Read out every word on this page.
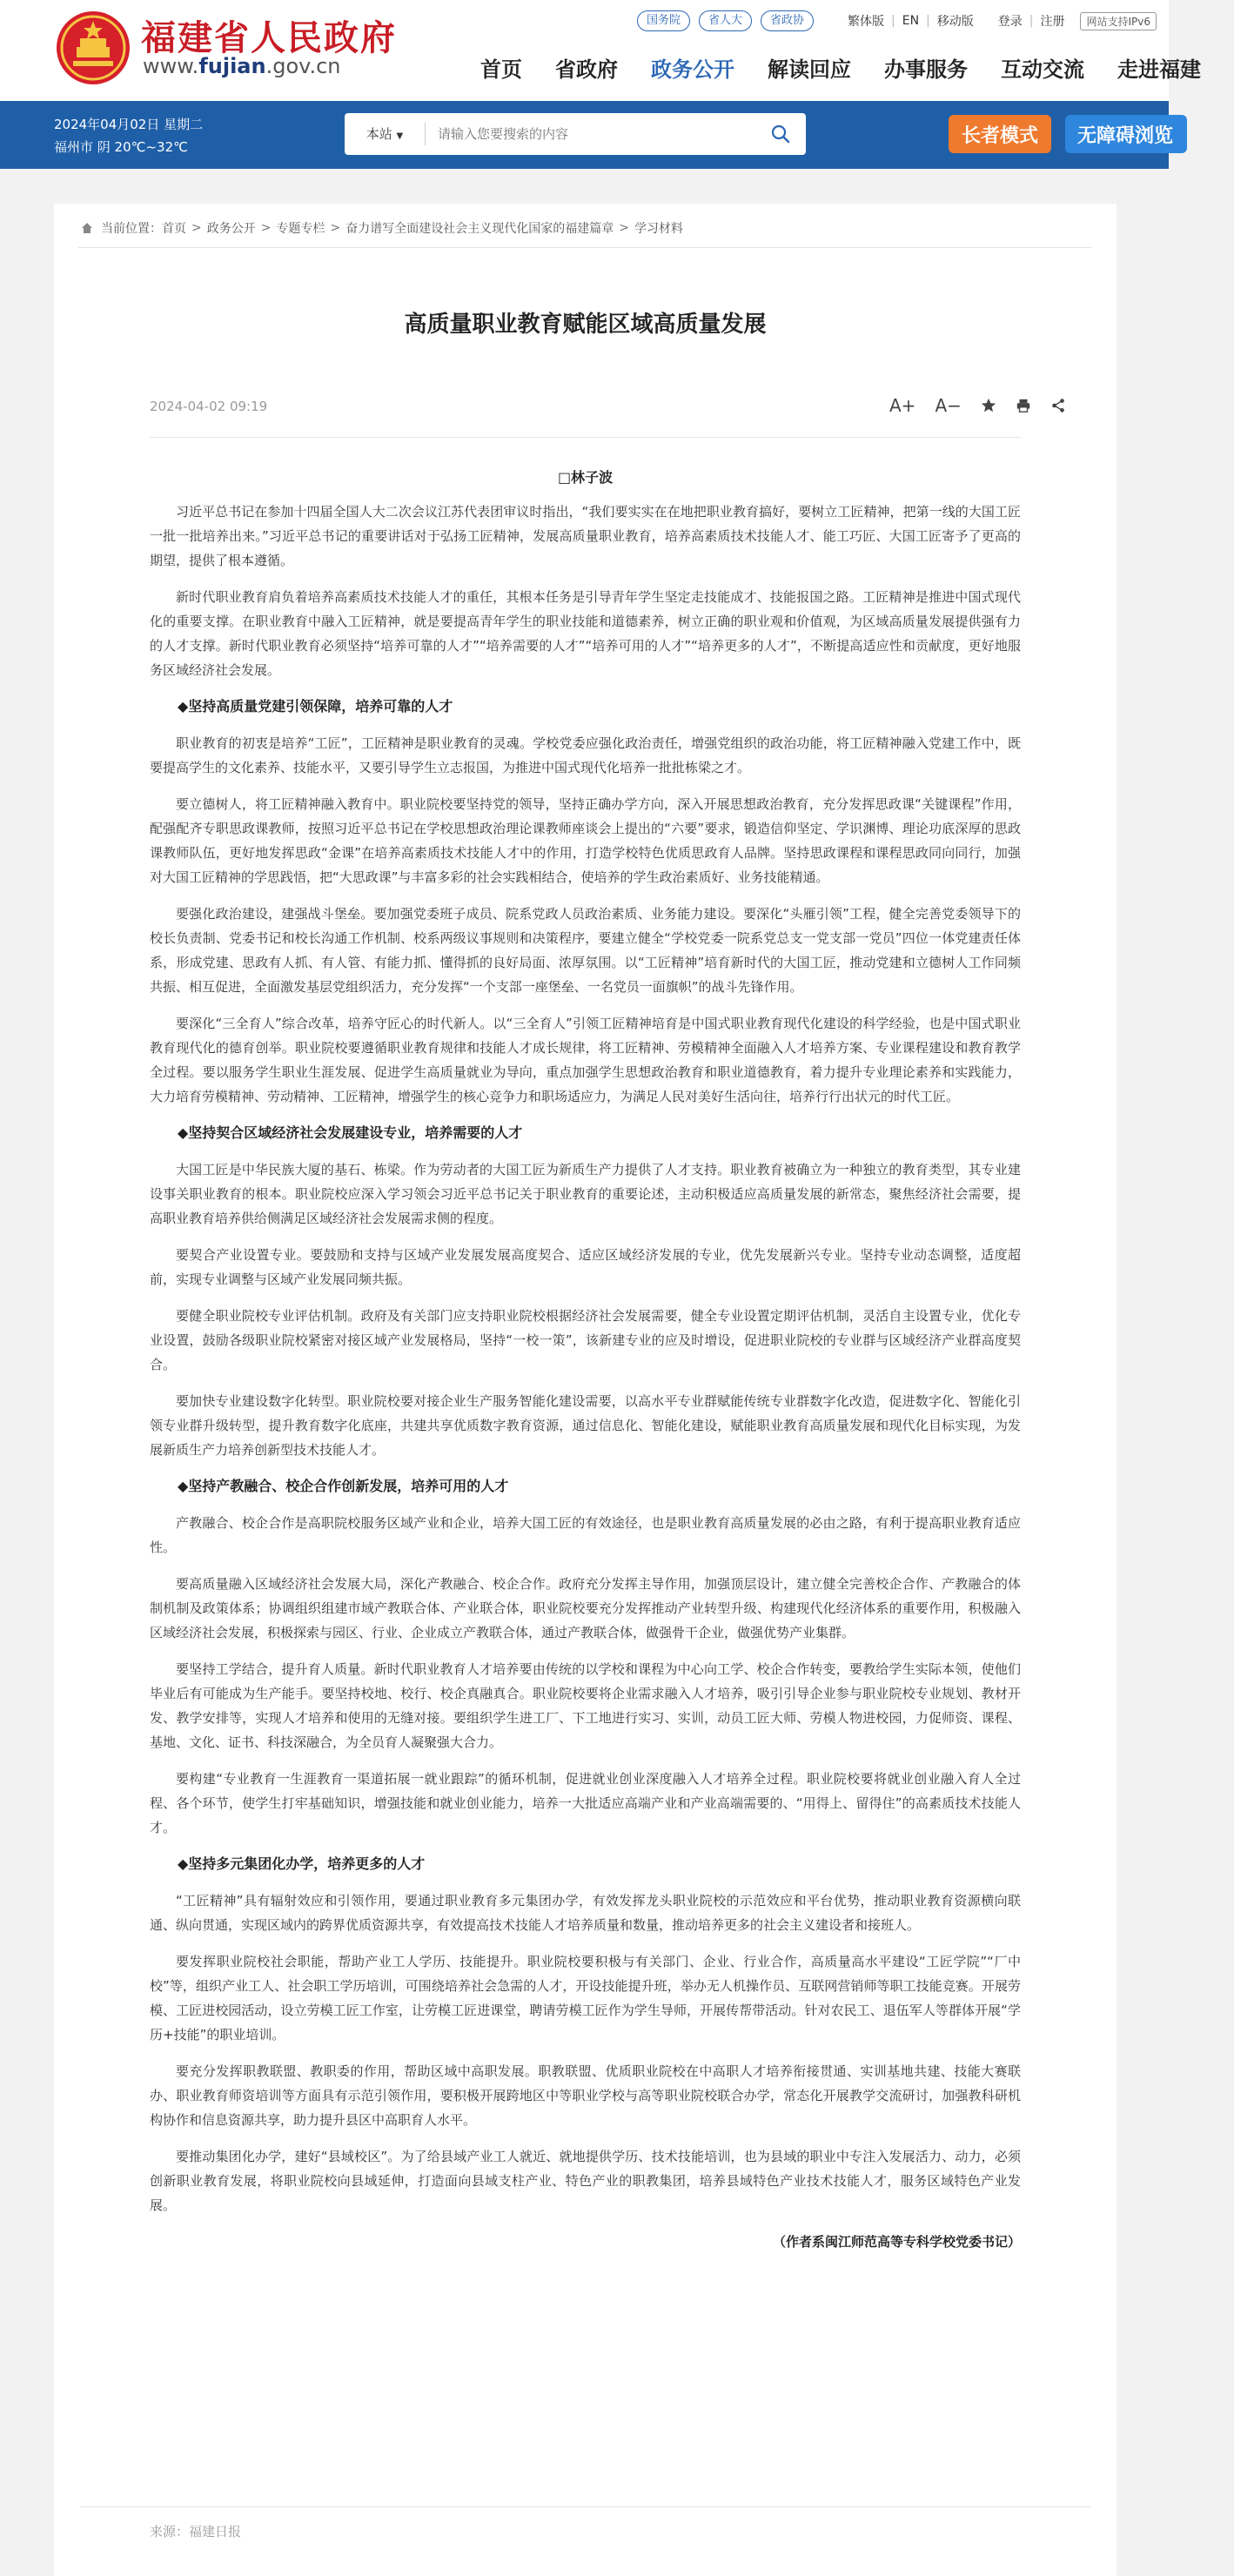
福建省人民政府
www.fujian.gov.cn
国务院	省人大	省政协	繁体版 | EN | 移动版 登录 | 注册	网站支持IPv6
首页 省政府 政务公开 解读回应 办事服务 互动交流 走进福建
2024年04月02日 星期二
福州市 阴 20℃~32℃
本站 ▼
请输入您要搜索的内容	长者模式	无障碍浏览
当前位置： 首页 > 政务公开 > 专题专栏 > 奋力谱写全面建设社会主义现代化国家的福建篇章 > 学习材料
高质量职业教育赋能区域高质量发展
2024-04-02 09:19	A+ A−
□林子波

习近平总书记在参加十四届全国人大二次会议江苏代表团审议时指出，“我们要实实在在地把职业教育搞好，要树立工匠精神，把第一线的大国工匠一批一批培养出来。”习近平总书记的重要讲话对于弘扬工匠精神，发展高质量职业教育，培养高素质技术技能人才、能工巧匠、大国工匠寄予了更高的期望，提供了根本遵循。

新时代职业教育肩负着培养高素质技术技能人才的重任，其根本任务是引导青年学生坚定走技能成才、技能报国之路。工匠精神是推进中国式现代化的重要支撑。在职业教育中融入工匠精神，就是要提高青年学生的职业技能和道德素养，树立正确的职业观和价值观，为区域高质量发展提供强有力的人才支撑。新时代职业教育必须坚持“培养可靠的人才”“培养需要的人才”“培养可用的人才”“培养更多的人才”，不断提高适应性和贡献度，更好地服务区域经济社会发展。

◆坚持高质量党建引领保障，培养可靠的人才

职业教育的初衷是培养“工匠”，工匠精神是职业教育的灵魂。学校党委应强化政治责任，增强党组织的政治功能，将工匠精神融入党建工作中，既要提高学生的文化素养、技能水平，又要引导学生立志报国，为推进中国式现代化培养一批批栋梁之才。

要立德树人，将工匠精神融入教育中。职业院校要坚持党的领导，坚持正确办学方向，深入开展思想政治教育，充分发挥思政课“关键课程”作用，配强配齐专职思政课教师，按照习近平总书记在学校思想政治理论课教师座谈会上提出的“六要”要求，锻造信仰坚定、学识渊博、理论功底深厚的思政课教师队伍，更好地发挥思政“金课”在培养高素质技术技能人才中的作用，打造学校特色优质思政育人品牌。坚持思政课程和课程思政同向同行，加强对大国工匠精神的学思践悟，把“大思政课”与丰富多彩的社会实践相结合，使培养的学生政治素质好、业务技能精通。

要强化政治建设，建强战斗堡垒。要加强党委班子成员、院系党政人员政治素质、业务能力建设。要深化“头雁引领”工程，健全完善党委领导下的校长负责制、党委书记和校长沟通工作机制、校系两级议事规则和决策程序，要建立健全“学校党委一院系党总支一党支部一党员”四位一体党建责任体系，形成党建、思政有人抓、有人管、有能力抓、懂得抓的良好局面、浓厚氛围。以“工匠精神”培育新时代的大国工匠，推动党建和立德树人工作同频共振、相互促进，全面激发基层党组织活力，充分发挥“一个支部一座堡垒、一名党员一面旗帜”的战斗先锋作用。

要深化“三全育人”综合改革，培养守匠心的时代新人。以“三全育人”引领工匠精神培育是中国式职业教育现代化建设的科学经验，也是中国式职业教育现代化的德育创举。职业院校要遵循职业教育规律和技能人才成长规律，将工匠精神、劳模精神全面融入人才培养方案、专业课程建设和教育教学全过程。要以服务学生职业生涯发展、促进学生高质量就业为导向，重点加强学生思想政治教育和职业道德教育，着力提升专业理论素养和实践能力，大力培育劳模精神、劳动精神、工匠精神，增强学生的核心竞争力和职场适应力，为满足人民对美好生活向往，培养行行出状元的时代工匠。

◆坚持契合区域经济社会发展建设专业，培养需要的人才

大国工匠是中华民族大厦的基石、栋梁。作为劳动者的大国工匠为新质生产力提供了人才支持。职业教育被确立为一种独立的教育类型，其专业建设事关职业教育的根本。职业院校应深入学习领会习近平总书记关于职业教育的重要论述，主动积极适应高质量发展的新常态，聚焦经济社会需要，提高职业教育培养供给侧满足区域经济社会发展需求侧的程度。

要契合产业设置专业。要鼓励和支持与区域产业发展发展高度契合、适应区域经济发展的专业，优先发展新兴专业。坚持专业动态调整，适度超前，实现专业调整与区域产业发展同频共振。

要健全职业院校专业评估机制。政府及有关部门应支持职业院校根据经济社会发展需要，健全专业设置定期评估机制，灵活自主设置专业，优化专业设置，鼓励各级职业院校紧密对接区域产业发展格局，坚持“一校一策”，该新建专业的应及时增设，促进职业院校的专业群与区域经济产业群高度契合。

要加快专业建设数字化转型。职业院校要对接企业生产服务智能化建设需要，以高水平专业群赋能传统专业群数字化改造，促进数字化、智能化引领专业群升级转型，提升教育数字化底座，共建共享优质数字教育资源，通过信息化、智能化建设，赋能职业教育高质量发展和现代化目标实现，为发展新质生产力培养创新型技术技能人才。

◆坚持产教融合、校企合作创新发展，培养可用的人才

产教融合、校企合作是高职院校服务区域产业和企业，培养大国工匠的有效途径，也是职业教育高质量发展的必由之路，有利于提高职业教育适应性。

要高质量融入区域经济社会发展大局，深化产教融合、校企合作。政府充分发挥主导作用，加强顶层设计，建立健全完善校企合作、产教融合的体制机制及政策体系；协调组织组建市域产教联合体、产业联合体，职业院校要充分发挥推动产业转型升级、构建现代化经济体系的重要作用，积极融入区域经济社会发展，积极探索与园区、行业、企业成立产教联合体，通过产教联合体，做强骨干企业，做强优势产业集群。

要坚持工学结合，提升育人质量。新时代职业教育人才培养要由传统的以学校和课程为中心向工学、校企合作转变，要教给学生实际本领，使他们毕业后有可能成为生产能手。要坚持校地、校行、校企真融真合。职业院校要将企业需求融入人才培养，吸引引导企业参与职业院校专业规划、教材开发、教学安排等，实现人才培养和使用的无缝对接。要组织学生进工厂、下工地进行实习、实训，动员工匠大师、劳模人物进校园，力促师资、课程、基地、文化、证书、科技深融合，为全员育人凝聚强大合力。

要构建“专业教育一生涯教育一渠道拓展一就业跟踪”的循环机制，促进就业创业深度融入人才培养全过程。职业院校要将就业创业融入育人全过程、各个环节，使学生打牢基础知识，增强技能和就业创业能力，培养一大批适应高端产业和产业高端需要的、“用得上、留得住”的高素质技术技能人才。

◆坚持多元集团化办学，培养更多的人才

“工匠精神”具有辐射效应和引领作用，要通过职业教育多元集团办学，有效发挥龙头职业院校的示范效应和平台优势，推动职业教育资源横向联通、纵向贯通，实现区域内的跨界优质资源共享，有效提高技术技能人才培养质量和数量，推动培养更多的社会主义建设者和接班人。

要发挥职业院校社会职能，帮助产业工人学历、技能提升。职业院校要积极与有关部门、企业、行业合作，高质量高水平建设“工匠学院”“厂中校”等，组织产业工人、社会职工学历培训，可围绕培养社会急需的人才，开设技能提升班，举办无人机操作员、互联网营销师等职工技能竞赛。开展劳模、工匠进校园活动，设立劳模工匠工作室，让劳模工匠进课堂，聘请劳模工匠作为学生导师，开展传帮带活动。针对农民工、退伍军人等群体开展“学历+技能”的职业培训。

要充分发挥职教联盟、教职委的作用，帮助区域中高职发展。职教联盟、优质职业院校在中高职人才培养衔接贯通、实训基地共建、技能大赛联办、职业教育师资培训等方面具有示范引领作用，要积极开展跨地区中等职业学校与高等职业院校联合办学，常态化开展教学交流研讨，加强教科研机构协作和信息资源共享，助力提升县区中高职育人水平。

要推动集团化办学，建好“县域校区”。为了给县域产业工人就近、就地提供学历、技术技能培训，也为县域的职业中专注入发展活力、动力，必须创新职业教育发展，将职业院校向县域延伸，打造面向县域支柱产业、特色产业的职教集团，培养县域特色产业技术技能人才，服务区域特色产业发展。

（作者系闽江师范高等专科学校党委书记）

来源：福建日报
